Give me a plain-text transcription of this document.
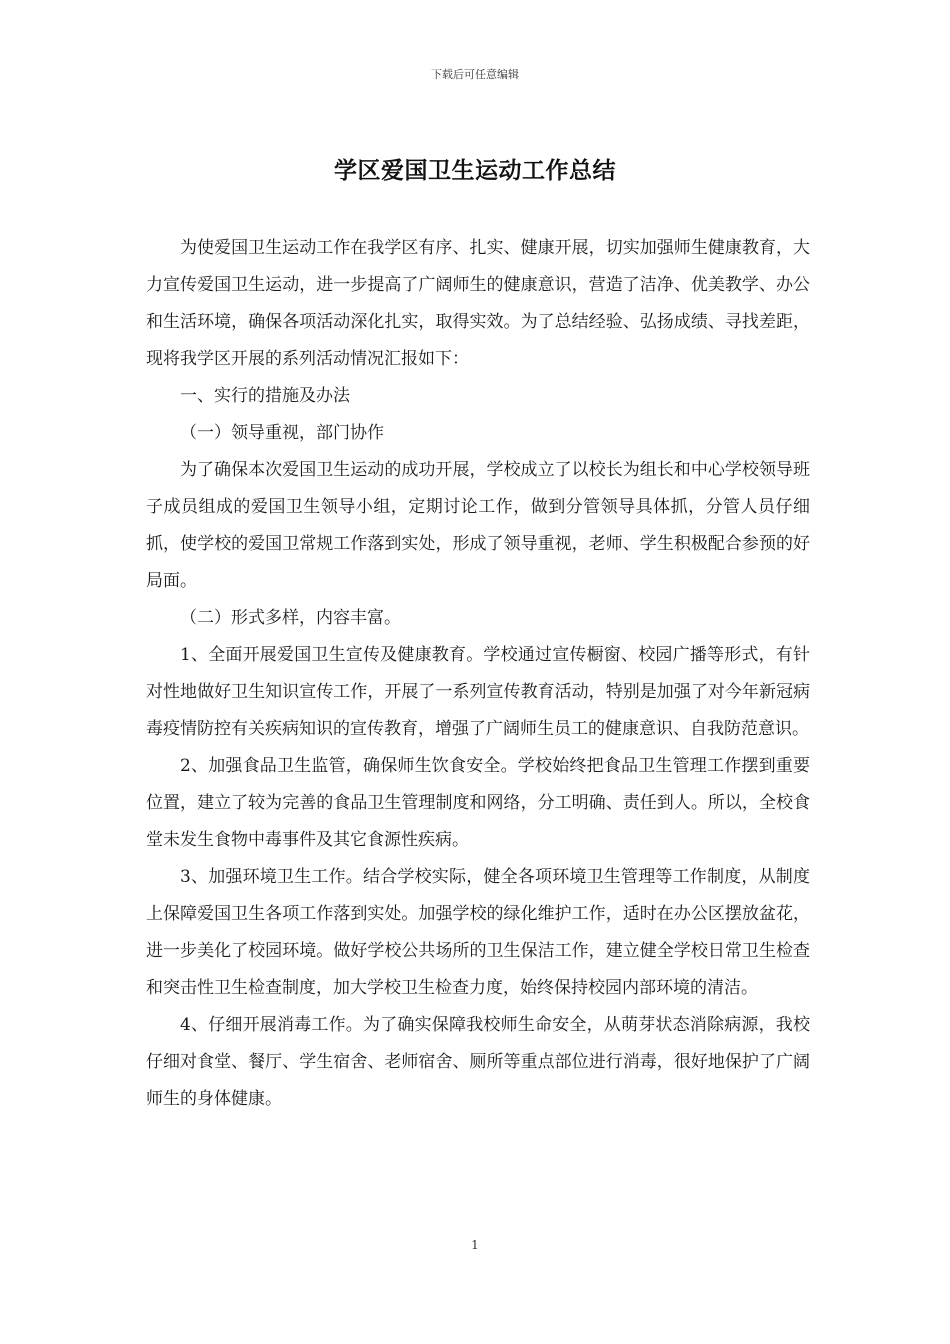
下载后可任意编辑
学区爱国卫生运动工作总结

为使爱国卫生运动工作在我学区有序、扎实、健康开展，切实加强师生健康教育，大力宣传爱国卫生运动，进一步提高了广阔师生的健康意识，营造了洁净、优美教学、办公和生活环境，确保各项活动深化扎实，取得实效。为了总结经验、弘扬成绩、寻找差距，现将我学区开展的系列活动情况汇报如下：

一、实行的措施及办法

（一）领导重视，部门协作

为了确保本次爱国卫生运动的成功开展，学校成立了以校长为组长和中心学校领导班子成员组成的爱国卫生领导小组，定期讨论工作，做到分管领导具体抓，分管人员仔细抓，使学校的爱国卫常规工作落到实处，形成了领导重视，老师、学生积极配合参预的好局面。

（二）形式多样，内容丰富。

1、全面开展爱国卫生宣传及健康教育。学校通过宣传橱窗、校园广播等形式，有针对性地做好卫生知识宣传工作，开展了一系列宣传教育活动，特别是加强了对今年新冠病毒疫情防控有关疾病知识的宣传教育，增强了广阔师生员工的健康意识、自我防范意识。

2、加强食品卫生监管，确保师生饮食安全。学校始终把食品卫生管理工作摆到重要位置，建立了较为完善的食品卫生管理制度和网络，分工明确、责任到人。所以，全校食堂未发生食物中毒事件及其它食源性疾病。

3、加强环境卫生工作。结合学校实际，健全各项环境卫生管理等工作制度，从制度上保障爱国卫生各项工作落到实处。加强学校的绿化维护工作，适时在办公区摆放盆花，进一步美化了校园环境。做好学校公共场所的卫生保洁工作，建立健全学校日常卫生检查和突击性卫生检查制度，加大学校卫生检查力度，始终保持校园内部环境的清洁。

4、仔细开展消毒工作。为了确实保障我校师生命安全，从萌芽状态消除病源，我校仔细对食堂、餐厅、学生宿舍、老师宿舍、厕所等重点部位进行消毒，很好地保护了广阔师生的身体健康。

1
